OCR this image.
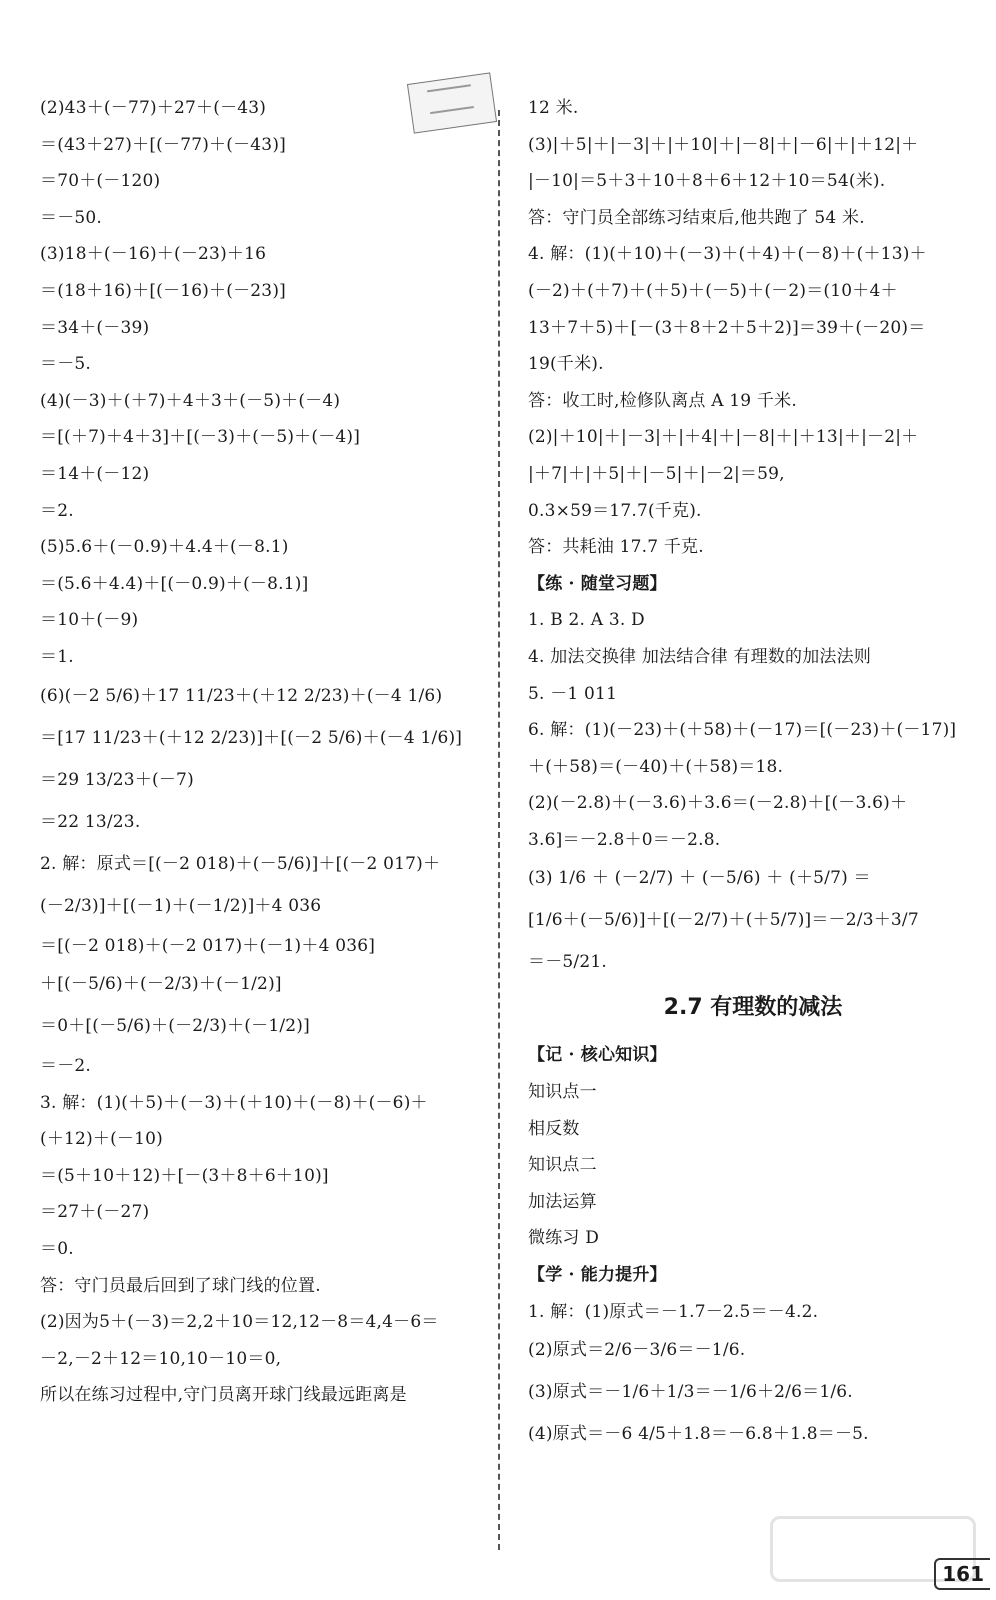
(2)43＋(－77)＋27＋(－43)
＝(43＋27)＋[(－77)＋(－43)]
＝70＋(－120)
＝－50.
(3)18＋(－16)＋(－23)＋16
＝(18＋16)＋[(－16)＋(－23)]
＝34＋(－39)
＝－5.
(4)(－3)＋(＋7)＋4＋3＋(－5)＋(－4)
＝[(＋7)＋4＋3]＋[(－3)＋(－5)＋(－4)]
＝14＋(－12)
＝2.
(5)5.6＋(－0.9)＋4.4＋(－8.1)
＝(5.6＋4.4)＋[(－0.9)＋(－8.1)]
＝10＋(－9)
＝1.
(6)(－2 5/6)＋17 11/23＋(＋12 2/23)＋(－4 1/6)
＝[17 11/23＋(＋12 2/23)]＋[(－2 5/6)＋(－4 1/6)]
＝29 13/23＋(－7)
＝22 13/23.
2. 解：原式＝[(－2 018)＋(－5/6)]＋[(－2 017)＋
(－2/3)]＋[(－1)＋(－1/2)]＋4 036
＝[(－2 018)＋(－2 017)＋(－1)＋4 036]
＋[(－5/6)＋(－2/3)＋(－1/2)]
＝0＋[(－5/6)＋(－2/3)＋(－1/2)]
＝－2.
3. 解：(1)(＋5)＋(－3)＋(＋10)＋(－8)＋(－6)＋
(＋12)＋(－10)
＝(5＋10＋12)＋[－(3＋8＋6＋10)]
＝27＋(－27)
＝0.
答：守门员最后回到了球门线的位置.
(2)因为5＋(－3)＝2,2＋10＝12,12－8＝4,4－6＝
－2,－2＋12＝10,10－10＝0,
所以在练习过程中,守门员离开球门线最远距离是
12 米.
(3)|＋5|＋|－3|＋|＋10|＋|－8|＋|－6|＋|＋12|＋
|－10|＝5＋3＋10＋8＋6＋12＋10＝54(米).
答：守门员全部练习结束后,他共跑了 54 米.
4. 解：(1)(＋10)＋(－3)＋(＋4)＋(－8)＋(＋13)＋
(－2)＋(＋7)＋(＋5)＋(－5)＋(－2)＝(10＋4＋
13＋7＋5)＋[－(3＋8＋2＋5＋2)]＝39＋(－20)＝
19(千米).
答：收工时,检修队离点 A 19 千米.
(2)|＋10|＋|－3|＋|＋4|＋|－8|＋|＋13|＋|－2|＋
|＋7|＋|＋5|＋|－5|＋|－2|＝59,
0.3×59＝17.7(千克).
答：共耗油 17.7 千克.
【练 · 随堂习题】
1. B 2. A 3. D
4. 加法交换律 加法结合律 有理数的加法法则
5. －1 011
6. 解：(1)(－23)＋(＋58)＋(－17)＝[(－23)＋(－17)]
＋(＋58)＝(－40)＋(＋58)＝18.
(2)(－2.8)＋(－3.6)＋3.6＝(－2.8)＋[(－3.6)＋
3.6]＝－2.8＋0＝－2.8.
(3) 1/6 ＋ (－2/7) ＋ (－5/6) ＋ (＋5/7) ＝
[1/6＋(－5/6)]＋[(－2/7)＋(＋5/7)]＝－2/3＋3/7
＝－5/21.
2.7 有理数的减法
【记 · 核心知识】
知识点一
相反数
知识点二
加法运算
微练习 D
【学 · 能力提升】
1. 解：(1)原式＝－1.7－2.5＝－4.2.
(2)原式＝2/6－3/6＝－1/6.
(3)原式＝－1/6＋1/3＝－1/6＋2/6＝1/6.
(4)原式＝－6 4/5＋1.8＝－6.8＋1.8＝－5.
161
